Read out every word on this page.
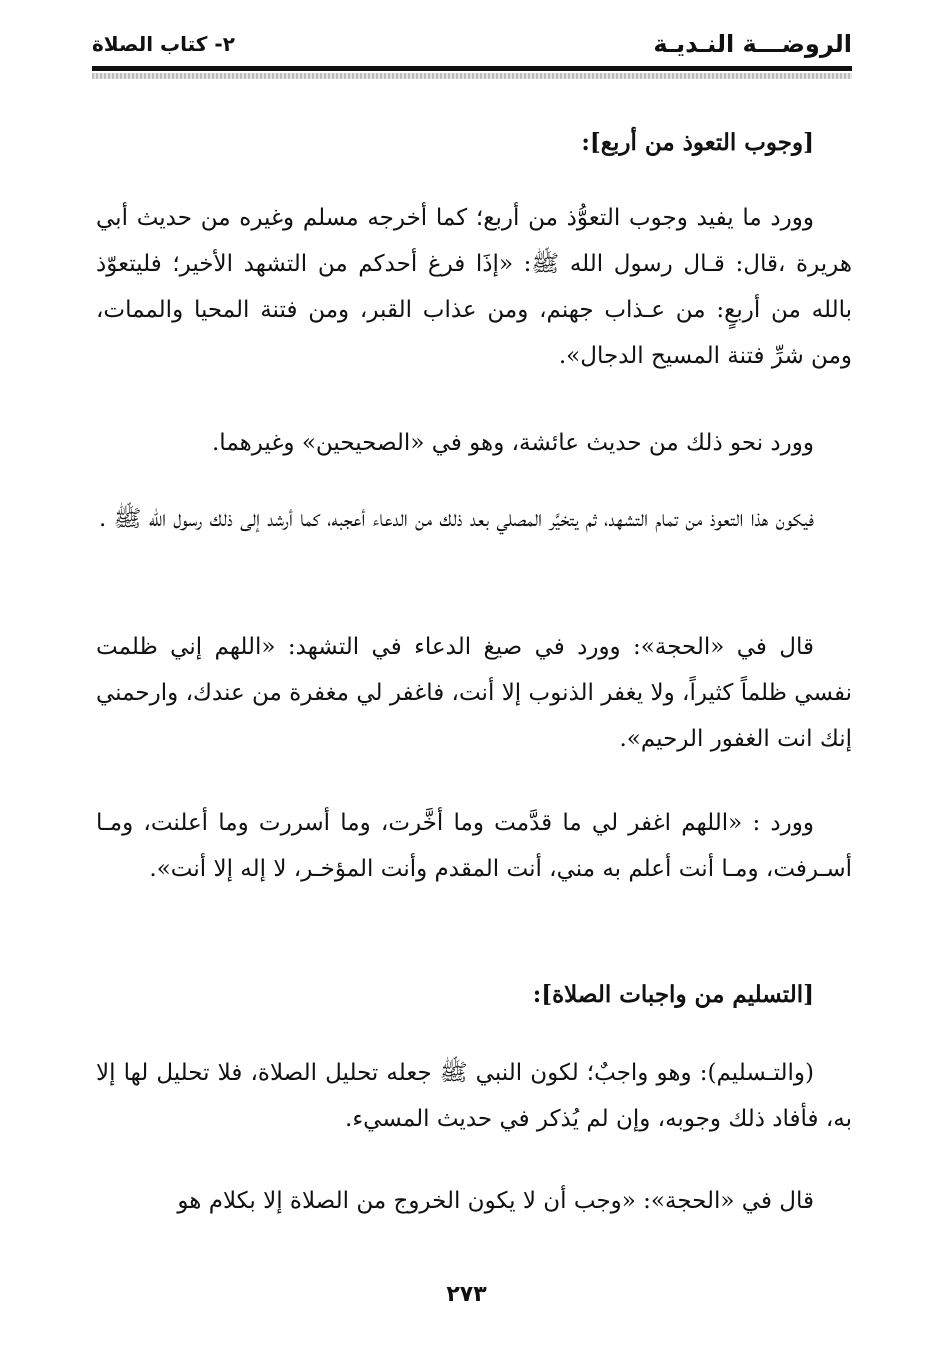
الروضـــة النـديـة
٢- كتاب الصلاة
[وجوب التعوذ من أربع]:
وورد ما يفيد وجوب التعوُّذ من أربع؛ كما أخرجه مسلم وغيره من حديث أبي هريرة ،قال: قـال رسول الله ﷺ: «إذَا فرغ أحدكم من التشهد الأخير؛ فليتعوّذ بالله من أربعٍ: من عـذاب جهنم، ومن عذاب القبر، ومن فتنة المحيا والممات، ومن شرِّ فتنة المسيح الدجال».
وورد نحو ذلك من حديث عائشة، وهو في «الصحيحين» وغيرهما.
فيكون هذا التعوذ من تمام التشهد، ثم يتخيَّر المصلي بعد ذلك من الدعاء أعجبه، كما أرشد إلى ذلك رسول الله ﷺ .
قال في «الحجة»: وورد في صيغ الدعاء في التشهد: «اللهم إني ظلمت نفسي ظلماً كثيراً، ولا يغفر الذنوب إلا أنت، فاغفر لي مغفرة من عندك، وارحمني إنك انت الغفور الرحيم».
وورد : «اللهم اغفر لي ما قدَّمت وما أخَّرت، وما أسررت وما أعلنت، ومـا أسـرفت، ومـا أنت أعلم به مني، أنت المقدم وأنت المؤخـر، لا إله إلا أنت».
[التسليم من واجبات الصلاة]:
(والتـسليم): وهو واجبٌ؛ لكون النبي ﷺ جعله تحليل الصلاة، فلا تحليل لها إلا به، فأفاد ذلك وجوبه، وإن لم يُذكر في حديث المسيء.
قال في «الحجة»: «وجب أن لا يكون الخروج من الصلاة إلا بكلام هو
٢٧٣
